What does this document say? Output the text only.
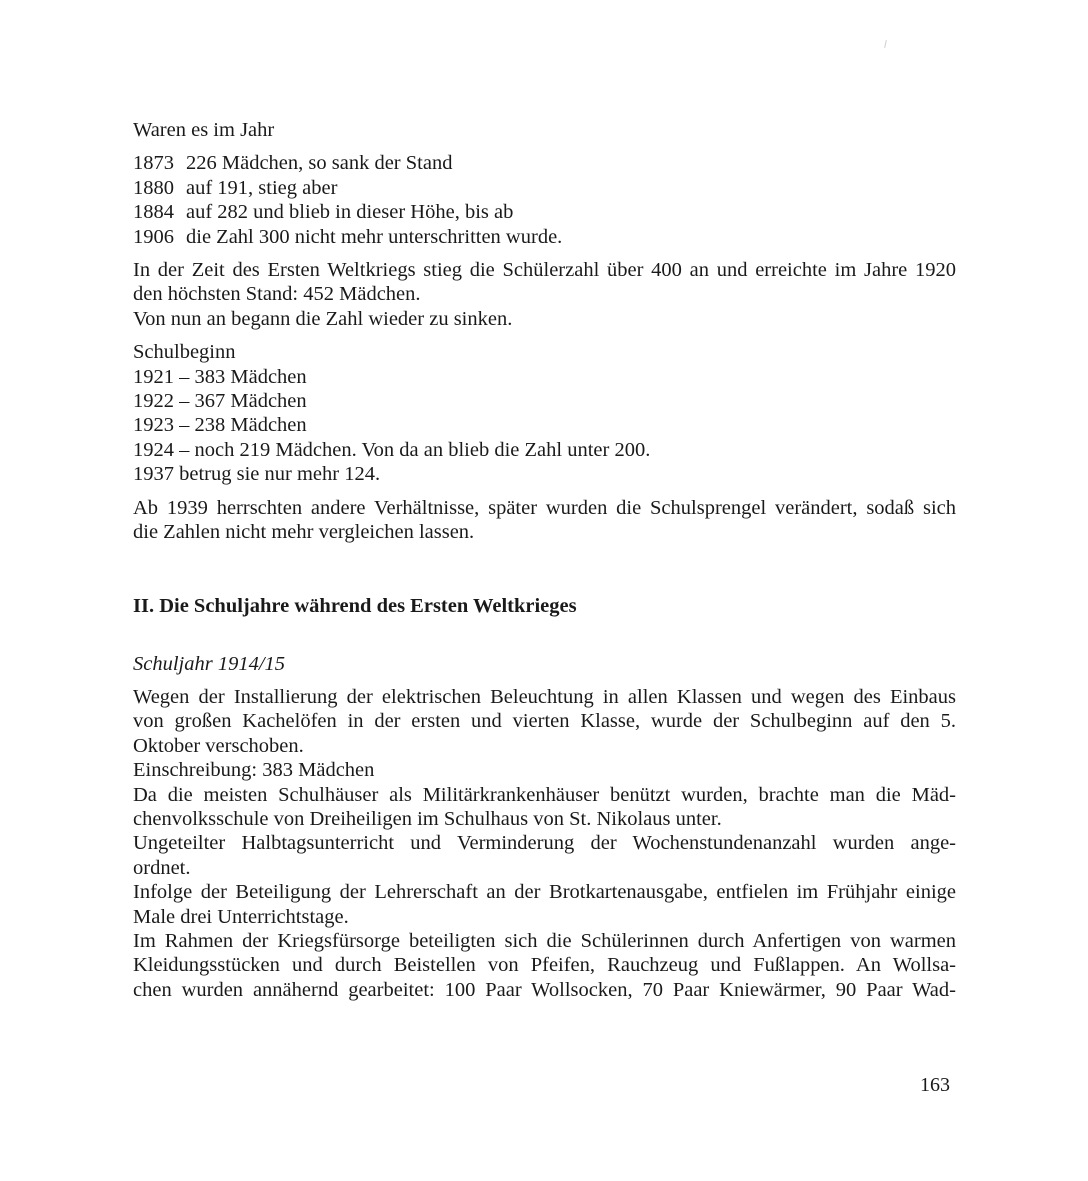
Waren es im Jahr

1873 226 Mädchen, so sank der Stand
1880 auf 191, stieg aber
1884 auf 282 und blieb in dieser Höhe, bis ab
1906 die Zahl 300 nicht mehr unterschritten wurde.

In der Zeit des Ersten Weltkriegs stieg die Schülerzahl über 400 an und erreichte im Jahre 1920

den höchsten Stand: 452 Mädchen.

Von nun an begann die Zahl wieder zu sinken.

Schulbeginn

1921 – 383 Mädchen

1922 – 367 Mädchen

1923 – 238 Mädchen

1924 – noch 219 Mädchen. Von da an blieb die Zahl unter 200.

1937 betrug sie nur mehr 124.

Ab 1939 herrschten andere Verhältnisse, später wurden die Schulsprengel verändert, sodaß sich

die Zahlen nicht mehr vergleichen lassen.

II. Die Schuljahre während des Ersten Weltkrieges
Schuljahr 1914/15

Wegen der Installierung der elektrischen Beleuchtung in allen Klassen und wegen des Einbaus

von großen Kachelöfen in der ersten und vierten Klasse, wurde der Schulbeginn auf den 5.

Oktober verschoben.

Einschreibung: 383 Mädchen

Da die meisten Schulhäuser als Militärkrankenhäuser benützt wurden, brachte man die Mäd-

chenvolksschule von Dreiheiligen im Schulhaus von St. Nikolaus unter.

Ungeteilter Halbtagsunterricht und Verminderung der Wochenstundenanzahl wurden ange-

ordnet.

Infolge der Beteiligung der Lehrerschaft an der Brotkartenausgabe, entfielen im Frühjahr einige

Male drei Unterrichtstage.

Im Rahmen der Kriegsfürsorge beteiligten sich die Schülerinnen durch Anfertigen von warmen

Kleidungsstücken und durch Beistellen von Pfeifen, Rauchzeug und Fußlappen. An Wollsa-

chen wurden annähernd gearbeitet: 100 Paar Wollsocken, 70 Paar Kniewärmer, 90 Paar Wad-

163
